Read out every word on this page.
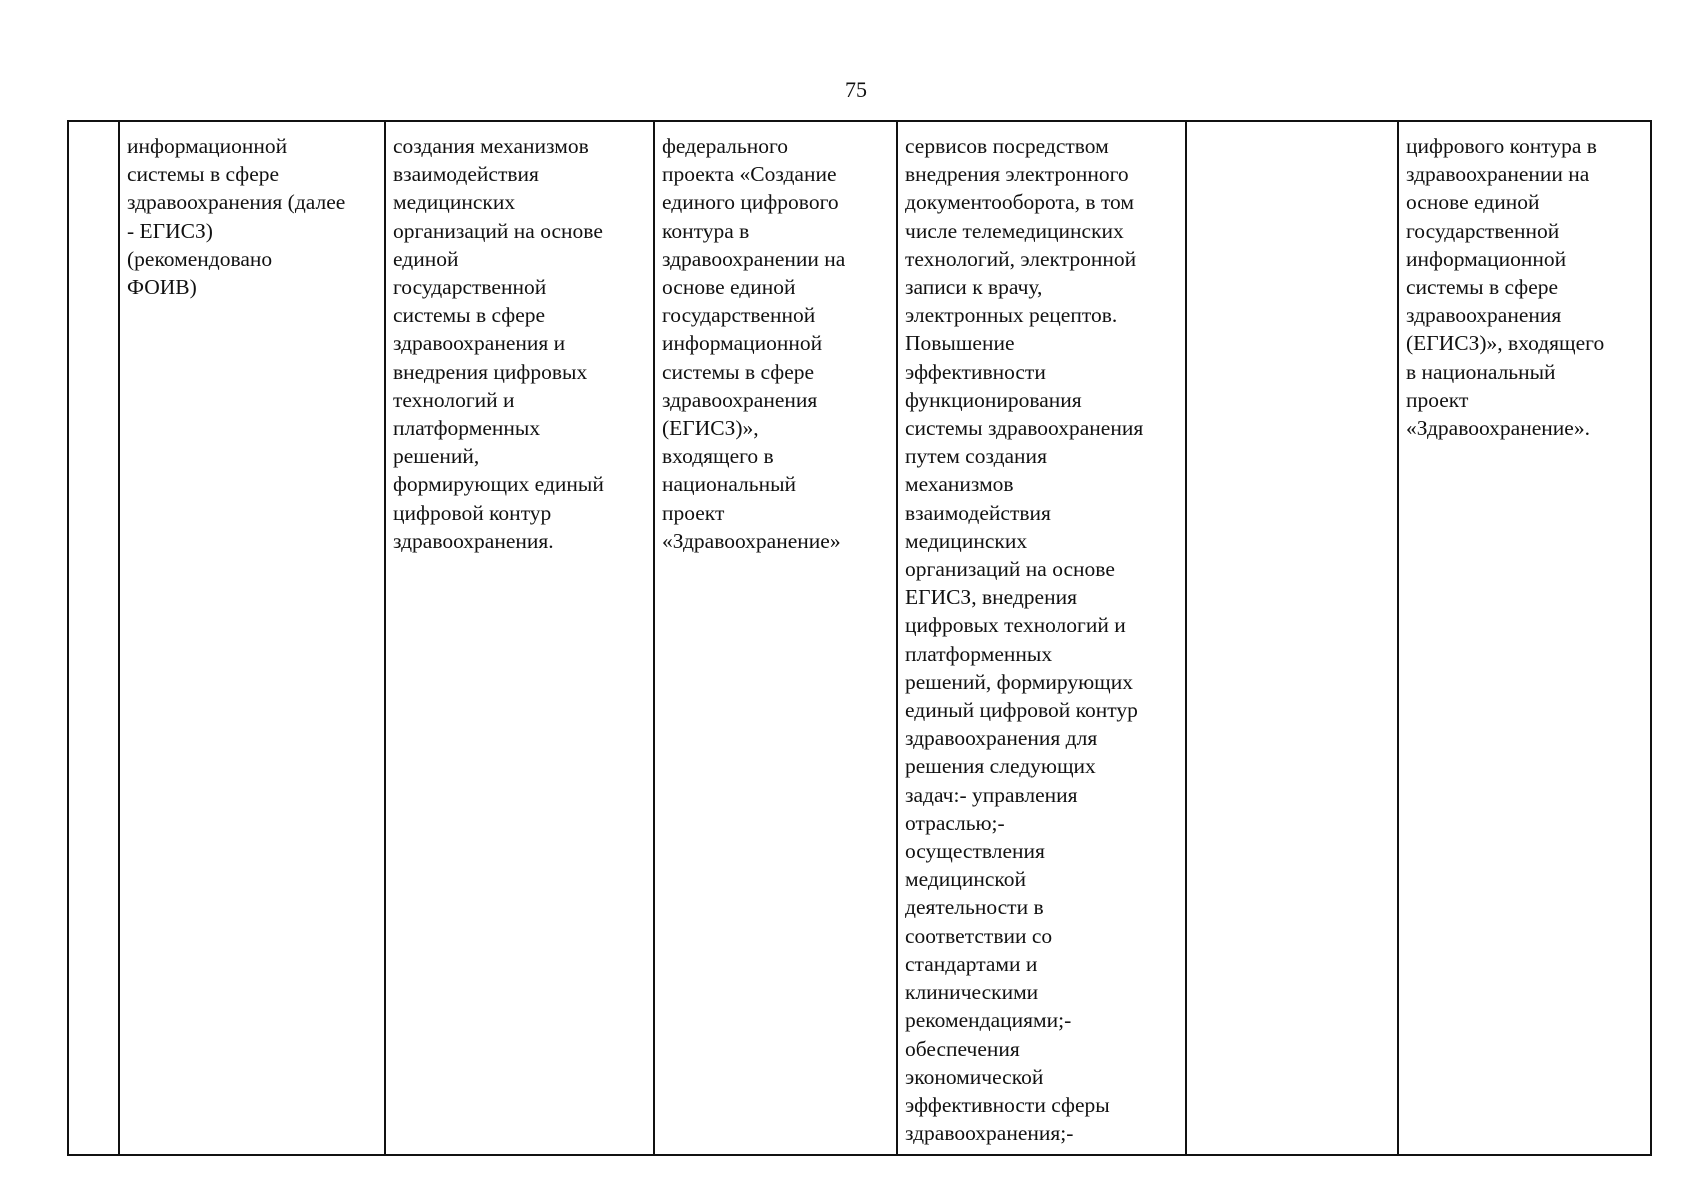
75
	информационной
системы в сфере
здравоохранения (далее
- ЕГИСЗ)
(рекомендовано
ФОИВ)	создания механизмов
взаимодействия
медицинских
организаций на основе
единой
государственной
системы в сфере
здравоохранения и
внедрения цифровых
технологий и
платформенных
решений,
формирующих единый
цифровой контур
здравоохранения.	федерального
проекта «Создание
единого цифрового
контура в
здравоохранении на
основе единой
государственной
информационной
системы в сфере
здравоохранения
(ЕГИСЗ)»,
входящего в
национальный
проект
«Здравоохранение»	сервисов посредством
внедрения электронного
документооборота, в том
числе телемедицинских
технологий, электронной
записи к врачу,
электронных рецептов.
Повышение
эффективности
функционирования
системы здравоохранения
путем создания
механизмов
взаимодействия
медицинских
организаций на основе
ЕГИСЗ, внедрения
цифровых технологий и
платформенных
решений, формирующих
единый цифровой контур
здравоохранения для
решения следующих
задач:- управления
отраслью;-
осуществления
медицинской
деятельности в
соответствии со
стандартами и
клиническими
рекомендациями;-
обеспечения
экономической
эффективности сферы
здравоохранения;-		цифрового контура в
здравоохранении на
основе единой
государственной
информационной
системы в сфере
здравоохранения
(ЕГИСЗ)», входящего
в национальный
проект
«Здравоохранение».
